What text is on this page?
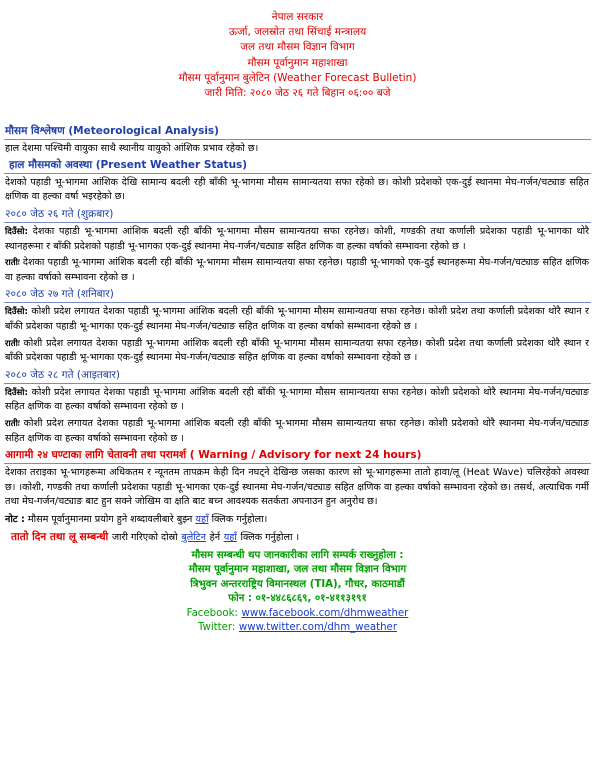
नेपाल सरकार
ऊर्जा, जलस्रोत तथा सिंचाई मन्त्रालय
जल तथा मौसम विज्ञान विभाग
मौसम पूर्वानुमान महाशाखा
मौसम पूर्वानुमान बुलेटिन (Weather Forecast Bulletin)
जारी मिति: २०८० जेठ २६ गते बिहान ०६:०० बजे
मौसम विश्लेषण (Meteorological Analysis)
हाल देशमा पश्चिमी वायुका साथै स्थानीय वायुको आंशिक प्रभाव रहेको छ।
हाल मौसमको अवस्था (Present Weather Status)
देशको पहाडी भू-भागमा आंशिक देखि सामान्य बदली रही बाँकी भू-भागमा मौसम सामान्यतया सफा रहेको छ। कोशी प्रदेशको एक-दुई स्थानमा मेघ-गर्जन/चट्याङ सहित क्षणिक वा हल्का वर्षा भइरहेको छ।
२०८० जेठ २६ गते (शुक्रबार)
दिउँसो: देशका पहाडी भू-भागमा आंशिक बदली रही बाँकी भू-भागमा मौसम सामान्यतया सफा रहनेछ। कोशी, गण्डकी तथा कर्णाली प्रदेशका पहाडी भू-भागका थोरै स्थानहरूमा र बाँकी प्रदेशको पहाडी भू-भागका एक-दुई स्थानमा मेघ-गर्जन/चट्याङ सहित क्षणिक वा हल्का वर्षाको सम्भावना रहेको छ ।
रातीः देशका पहाडी भू-भागमा आंशिक बदली रही बाँकी भू-भागमा मौसम सामान्यतया सफा रहनेछ। पहाडी भू-भागको एक-दुई स्थानहरूमा मेघ-गर्जन/चट्याङ सहित क्षणिक वा हल्का वर्षाको सम्भावना रहेको छ ।
२०८० जेठ २७ गते (शनिबार)
दिउँसो: कोशी प्रदेश लगायत देशका पहाडी भू-भागमा आंशिक बदली रही बाँकी भू-भागमा मौसम सामान्यतया सफा रहनेछ। कोशी प्रदेश तथा कर्णाली प्रदेशका थोरै स्थान र बाँकी प्रदेशका पहाडी भू-भागका एक-दुई स्थानमा मेघ-गर्जन/चट्याङ सहित क्षणिक वा हल्का वर्षाको सम्भावना रहेको छ ।
रातीः कोशी प्रदेश लगायत देशका पहाडी भू-भागमा आंशिक बदली रही बाँकी भू-भागमा मौसम सामान्यतया सफा रहनेछ। कोशी प्रदेश तथा कर्णाली प्रदेशका थोरै स्थान र बाँकी प्रदेशका पहाडी भू-भागका एक-दुई स्थानमा मेघ-गर्जन/चट्याङ सहित क्षणिक वा हल्का वर्षाको सम्भावना रहेको छ ।
२०८० जेठ २८ गते (आइतबार)
दिउँसो: कोशी प्रदेश लगायत देशका पहाडी भू-भागमा आंशिक बदली रही बाँकी भू-भागमा मौसम सामान्यतया सफा रहनेछ। कोशी प्रदेशको थोरै स्थानमा मेघ-गर्जन/चट्याङ सहित क्षणिक वा हल्का वर्षाको सम्भावना रहेको छ ।
रातीः कोशी प्रदेश लगायत देशका पहाडी भू-भागमा आंशिक बदली रही बाँकी भू-भागमा मौसम सामान्यतया सफा रहनेछ। कोशी प्रदेशको थोरै स्थानमा मेघ-गर्जन/चट्याङ सहित क्षणिक वा हल्का वर्षाको सम्भावना रहेको छ ।
आगामी २४ घण्टाका लागि चेतावनी तथा परामर्श ( Warning / Advisory for next 24 hours)
देशका तराइका भू-भागहरूमा अधिकतम र न्यूनतम तापक्रम केही दिन नघट्ने देखिन्छ जसका कारण सो भू-भागहरूमा तातो हावा/लू (Heat Wave) चलिरहेको अवस्था छ। ।कोशी, गण्डकी तथा कर्णाली प्रदेशका पहाडी भू-भागका एक-दुई स्थानमा मेघ-गर्जन/चट्याङ सहित क्षणिक वा हल्का वर्षाको सम्भावना रहेको छ। तसर्थ, अत्याधिक गर्मी तथा मेघ-गर्जन/चट्याङ बाट हुन सक्ने जोखिम वा क्षति बाट बच्न आवश्यक सतर्कता अपनाउन हुन अनुरोध छ।
नोट : मौसम पूर्वानुमानमा प्रयोग हुने शब्दावलीबारे बुझ्न यहाँ क्लिक गर्नुहोला।
तातो दिन तथा लू सम्बन्धी जारी गरिएको दोस्रो बुलेटिन हेर्न यहाँ क्लिक गर्नुहोला ।
मौसम सम्बन्धी थप जानकारीका लागि सम्पर्क राख्नुहोला :
मौसम पूर्वानुमान महाशाखा, जल तथा मौसम विज्ञान विभाग
त्रिभुवन अन्तरराष्ट्रिय विमानस्थल (TIA), गौचर, काठमाडौं
फोन : ०१-४४८६८६९, ०१-४११३१९१
Facebook: www.facebook.com/dhmweather
Twitter: www.twitter.com/dhm_weather
